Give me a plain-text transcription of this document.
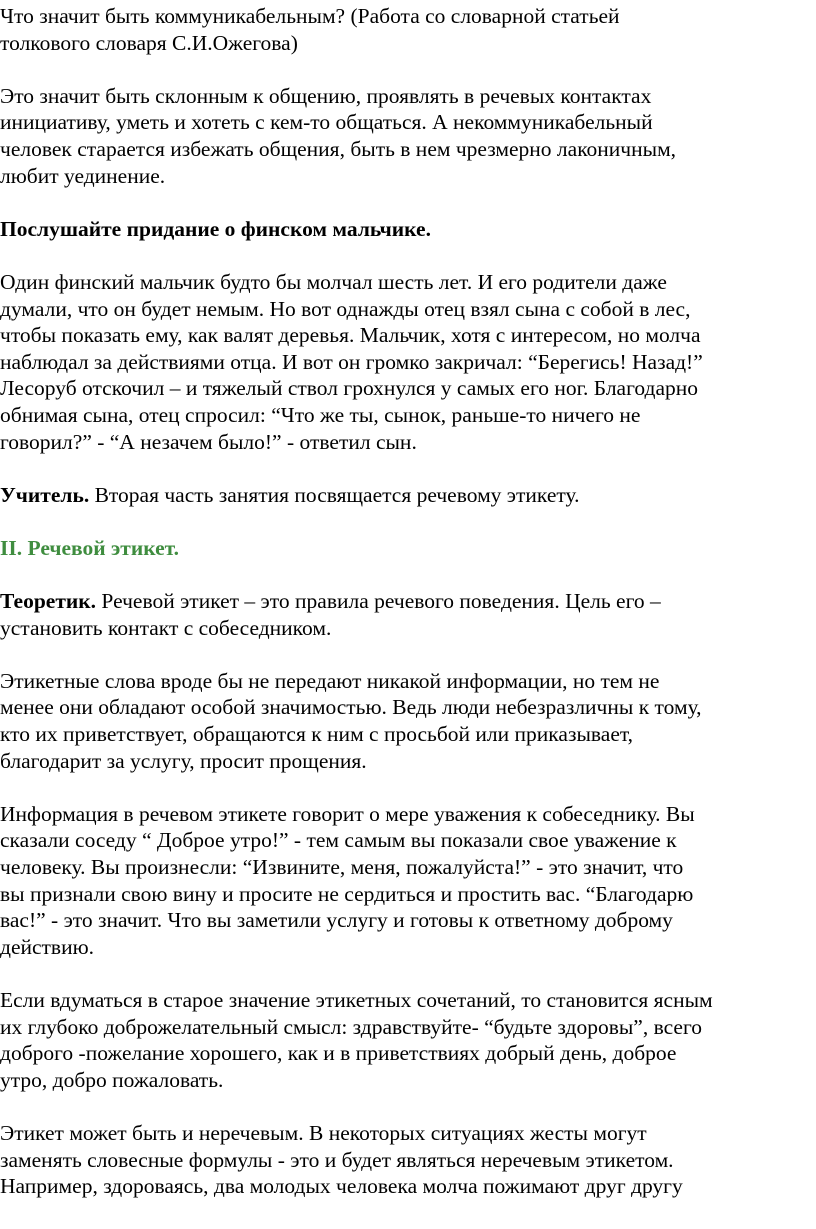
Что значит быть коммуникабельным? (Работа со словарной статьей
толкового словаря С.И.Ожегова)

Это значит быть склонным к общению, проявлять в речевых контактах
инициативу, уметь и хотеть с кем-то общаться. А некоммуникабельный
человек старается избежать общения, быть в нем чрезмерно лаконичным,
любит уединение.

Послушайте придание о финском мальчике.

Один финский мальчик будто бы молчал шесть лет. И его родители даже
думали, что он будет немым. Но вот однажды отец взял сына с собой в лес,
чтобы показать ему, как валят деревья. Мальчик, хотя с интересом, но молча
наблюдал за действиями отца. И вот он громко закричал: “Берегись! Назад!”
Лесоруб отскочил – и тяжелый ствол грохнулся у самых его ног. Благодарно
обнимая сына, отец спросил: “Что же ты, сынок, раньше-то ничего не
говорил?” - “А незачем было!” - ответил сын.

Учитель. Вторая часть занятия посвящается речевому этикету.

II. Речевой этикет.

Теоретик. Речевой этикет – это правила речевого поведения. Цель его –
установить контакт с собеседником.

Этикетные слова вроде бы не передают никакой информации, но тем не
менее они обладают особой значимостью. Ведь люди небезразличны к тому,
кто их приветствует, обращаются к ним с просьбой или приказывает,
благодарит за услугу, просит прощения.

Информация в речевом этикете говорит о мере уважения к собеседнику. Вы
сказали соседу “ Доброе утро!” - тем самым вы показали свое уважение к
человеку. Вы произнесли: “Извините, меня, пожалуйста!” - это значит, что
вы признали свою вину и просите не сердиться и простить вас. “Благодарю
вас!” - это значит. Что вы заметили услугу и готовы к ответному доброму
действию.

Если вдуматься в старое значение этикетных сочетаний, то становится ясным
их глубоко доброжелательный смысл: здравствуйте- “будьте здоровы”, всего
доброго -пожелание хорошего, как и в приветствиях добрый день, доброе
утро, добро пожаловать.

Этикет может быть и неречевым. В некоторых ситуациях жесты могут
заменять словесные формулы - это и будет являться неречевым этикетом.
Например, здороваясь, два молодых человека молча пожимают друг другу
